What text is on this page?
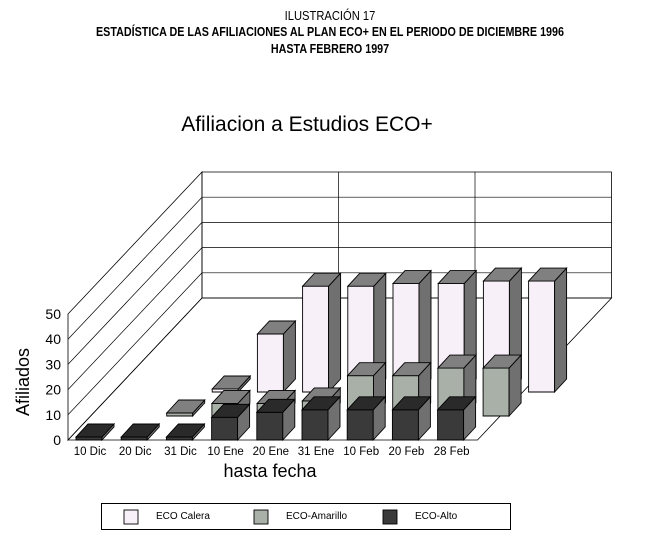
ILUSTRACIÓN 17
ESTADÍSTICA DE LAS AFILIACIONES AL PLAN ECO+ EN EL PERIODO DE DICIEMBRE 1996
HASTA FEBRERO 1997
Afiliacion a Estudios ECO+
0
10
20
30
40
50
10 Dic 20 Dic 31 Dic 10 Ene 20 Ene 31 Ene 10 Feb 20 Feb 28 Feb
Afiliados
hasta fecha
ECO Calera	ECO-Amarillo	ECO-Alto
